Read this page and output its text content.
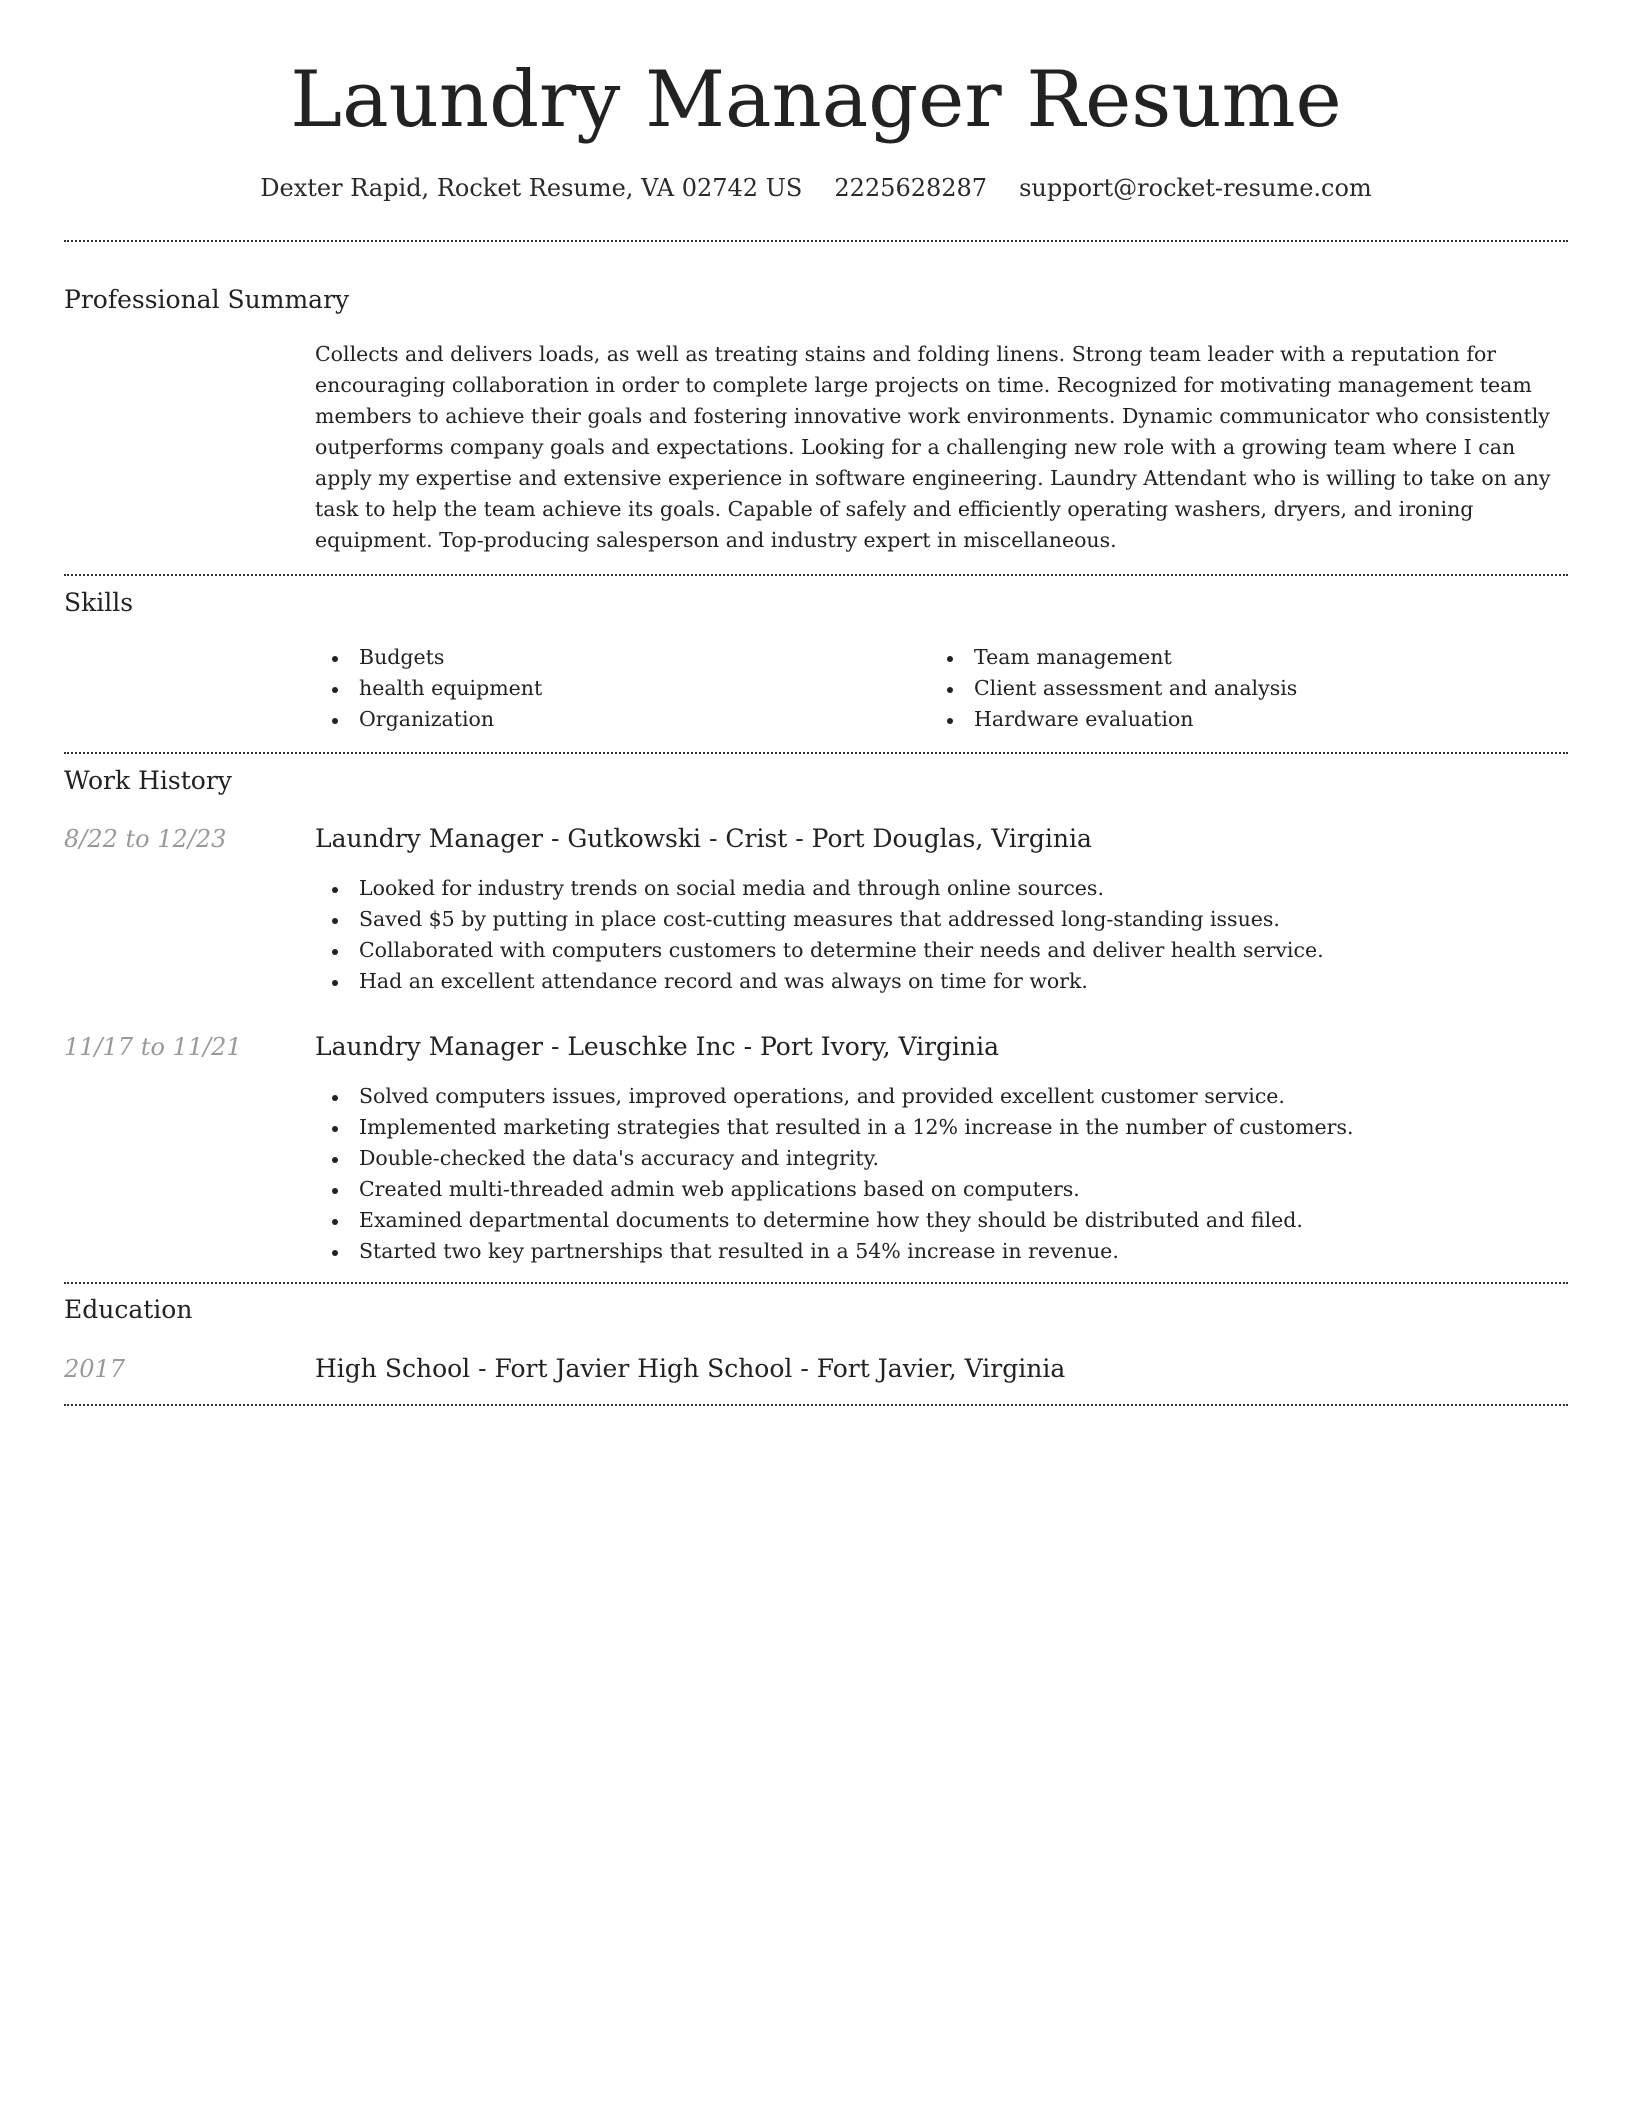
Laundry Manager Resume
Dexter Rapid, Rocket Resume, VA 02742 US 2225628287 support@rocket-resume.com
Professional Summary

Collects and delivers loads, as well as treating stains and folding linens. Strong team leader with a reputation for encouraging collaboration in order to complete large projects on time. Recognized for motivating management team members to achieve their goals and fostering innovative work environments. Dynamic communicator who consistently outperforms company goals and expectations. Looking for a challenging new role with a growing team where I can apply my expertise and extensive experience in software engineering. Laundry Attendant who is willing to take on any task to help the team achieve its goals. Capable of safely and efficiently operating washers, dryers, and ironing equipment. Top-producing salesperson and industry expert in miscellaneous.

Skills
Budgets
health equipment
Organization
Team management
Client assessment and analysis
Hardware evaluation
Work History
8/22 to 12/23	Laundry Manager - Gutkowski - Crist - Port Douglas, Virginia
Looked for industry trends on social media and through online sources.
Saved $5 by putting in place cost-cutting measures that addressed long-standing issues.
Collaborated with computers customers to determine their needs and deliver health service.
Had an excellent attendance record and was always on time for work.
11/17 to 11/21	Laundry Manager - Leuschke Inc - Port Ivory, Virginia
Solved computers issues, improved operations, and provided excellent customer service.
Implemented marketing strategies that resulted in a 12% increase in the number of customers.
Double-checked the data's accuracy and integrity.
Created multi-threaded admin web applications based on computers.
Examined departmental documents to determine how they should be distributed and filed.
Started two key partnerships that resulted in a 54% increase in revenue.
Education
2017	High School - Fort Javier High School - Fort Javier, Virginia
